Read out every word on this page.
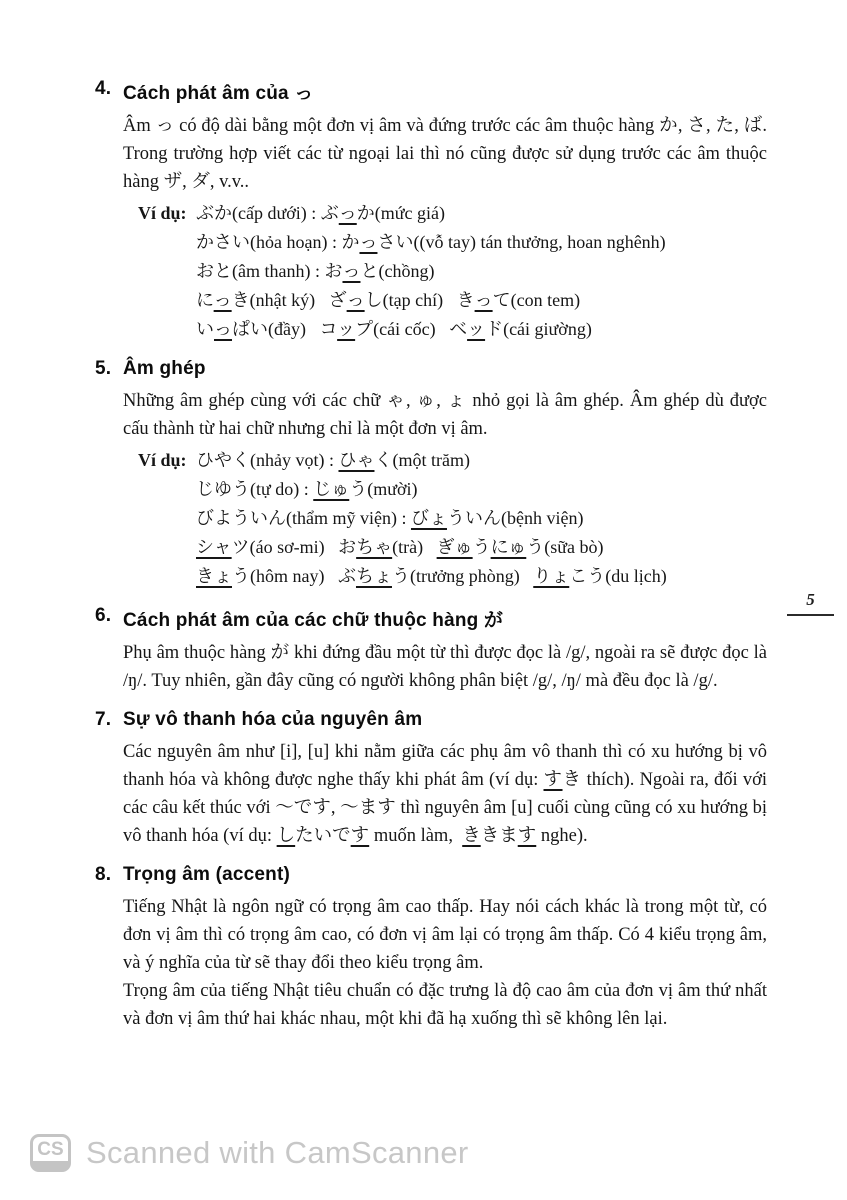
4. Cách phát âm của っ

Âm っ có độ dài bằng một đơn vị âm và đứng trước các âm thuộc hàng か, さ, た, ば. Trong trường hợp viết các từ ngoại lai thì nó cũng được sử dụng trước các âm thuộc hàng ザ, ダ, v.v..

Ví dụ: ぶか(cấp dưới) : ぶっか(mức giá)
かさい(hỏa hoạn) : かっさい((vỗ tay) tán thưởng, hoan nghênh)
おと(âm thanh) : おっと(chồng)
にっき(nhật ký)   ざっし(tạp chí)   きって(con tem)
いっぱい(đầy)   コップ(cái cốc)   ベッド(cái giường)
5. Âm ghép

Những âm ghép cùng với các chữ ゃ, ゅ, ょ nhỏ gọi là âm ghép. Âm ghép dù được cấu thành từ hai chữ nhưng chỉ là một đơn vị âm.

Ví dụ: ひやく(nhảy vọt) : ひゃく(một trăm)
じゆう(tự do) : じゅう(mười)
びよういん(thẩm mỹ viện) : びょういん(bệnh viện)
シャツ(áo sơ-mi)   おちゃ(trà)   ぎゅうにゅう(sữa bò)
きょう(hôm nay)   ぶちょう(trưởng phòng)   りょこう(du lịch)
6. Cách phát âm của các chữ thuộc hàng が

Phụ âm thuộc hàng が khi đứng đầu một từ thì được đọc là /g/, ngoài ra sẽ được đọc là /ŋ/. Tuy nhiên, gần đây cũng có người không phân biệt /g/, /ŋ/ mà đều đọc là /g/.

7. Sự vô thanh hóa của nguyên âm

Các nguyên âm như [i], [u] khi nằm giữa các phụ âm vô thanh thì có xu hướng bị vô thanh hóa và không được nghe thấy khi phát âm (ví dụ: すき thích). Ngoài ra, đối với các câu kết thúc với ～です, ～ます thì nguyên âm [u] cuối cùng cũng có xu hướng bị vô thanh hóa (ví dụ: したいです muốn làm,  ききます nghe).

8. Trọng âm (accent)

Tiếng Nhật là ngôn ngữ có trọng âm cao thấp. Hay nói cách khác là trong một từ, có đơn vị âm thì có trọng âm cao, có đơn vị âm lại có trọng âm thấp. Có 4 kiểu trọng âm, và ý nghĩa của từ sẽ thay đổi theo kiểu trọng âm.

Trọng âm của tiếng Nhật tiêu chuẩn có đặc trưng là độ cao âm của đơn vị âm thứ nhất và đơn vị âm thứ hai khác nhau, một khi đã hạ xuống thì sẽ không lên lại.

5
CS Scanned with CamScanner
